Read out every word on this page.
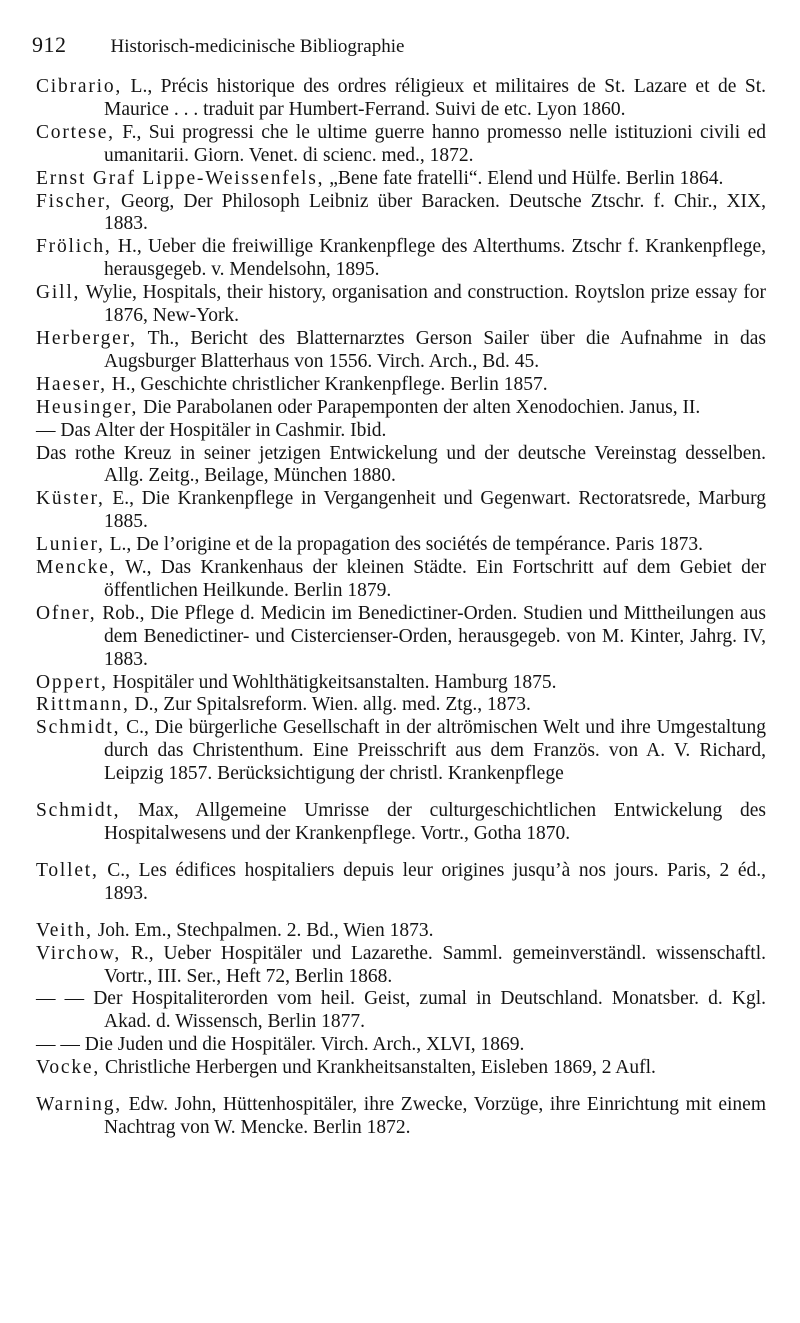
912 Historisch-medicinische Bibliographie
Cibrario, L., Précis historique des ordres réligieux et militaires de St. Lazare et de St. Maurice . . . traduit par Humbert-Ferrand. Suivi de etc. Lyon 1860.
Cortese, F., Sui progressi che le ultime guerre hanno promesso nelle istituzioni civili ed umanitarii. Giorn. Venet. di scienc. med., 1872.
Ernst Graf Lippe-Weissenfels, „Bene fate fratelli“. Elend und Hülfe. Berlin 1864.
Fischer, Georg, Der Philosoph Leibniz über Baracken. Deutsche Ztschr. f. Chir., XIX, 1883.
Frölich, H., Ueber die freiwillige Krankenpflege des Alterthums. Ztschr f. Krankenpflege, herausgegeb. v. Mendelsohn, 1895.
Gill, Wylie, Hospitals, their history, organisation and construction. Roytslon prize essay for 1876, New-York.
Herberger, Th., Bericht des Blatternarztes Gerson Sailer über die Aufnahme in das Augsburger Blatterhaus von 1556. Virch. Arch., Bd. 45.
Haeser, H., Geschichte christlicher Krankenpflege. Berlin 1857.
Heusinger, Die Parabolanen oder Parapemponten der alten Xenodochien. Janus, II.
— Das Alter der Hospitäler in Cashmir. Ibid.
Das rothe Kreuz in seiner jetzigen Entwickelung und der deutsche Vereinstag desselben. Allg. Zeitg., Beilage, München 1880.
Küster, E., Die Krankenpflege in Vergangenheit und Gegenwart. Rectoratsrede, Marburg 1885.
Lunier, L., De l’origine et de la propagation des sociétés de tempérance. Paris 1873.
Mencke, W., Das Krankenhaus der kleinen Städte. Ein Fortschritt auf dem Gebiet der öffentlichen Heilkunde. Berlin 1879.
Ofner, Rob., Die Pflege d. Medicin im Benedictiner-Orden. Studien und Mittheilungen aus dem Benedictiner- und Cistercienser-Orden, herausgegeb. von M. Kinter, Jahrg. IV, 1883.
Oppert, Hospitäler und Wohlthätigkeitsanstalten. Hamburg 1875.
Rittmann, D., Zur Spitalsreform. Wien. allg. med. Ztg., 1873.
Schmidt, C., Die bürgerliche Gesellschaft in der altrömischen Welt und ihre Umgestaltung durch das Christenthum. Eine Preisschrift aus dem Französ. von A. V. Richard, Leipzig 1857. Berücksichtigung der christl. Krankenpflege
Schmidt, Max, Allgemeine Umrisse der culturgeschichtlichen Entwickelung des Hospitalwesens und der Krankenpflege. Vortr., Gotha 1870.
Tollet, C., Les édifices hospitaliers depuis leur origines jusqu’à nos jours. Paris, 2 éd., 1893.
Veith, Joh. Em., Stechpalmen. 2. Bd., Wien 1873.
Virchow, R., Ueber Hospitäler und Lazarethe. Samml. gemeinverständl. wissenschaftl. Vortr., III. Ser., Heft 72, Berlin 1868.
— — Der Hospitaliterorden vom heil. Geist, zumal in Deutschland. Monatsber. d. Kgl. Akad. d. Wissensch, Berlin 1877.
— — Die Juden und die Hospitäler. Virch. Arch., XLVI, 1869.
Vocke, Christliche Herbergen und Krankheitsanstalten, Eisleben 1869, 2 Aufl.
Warning, Edw. John, Hüttenhospitäler, ihre Zwecke, Vorzüge, ihre Einrichtung mit einem Nachtrag von W. Mencke. Berlin 1872.
